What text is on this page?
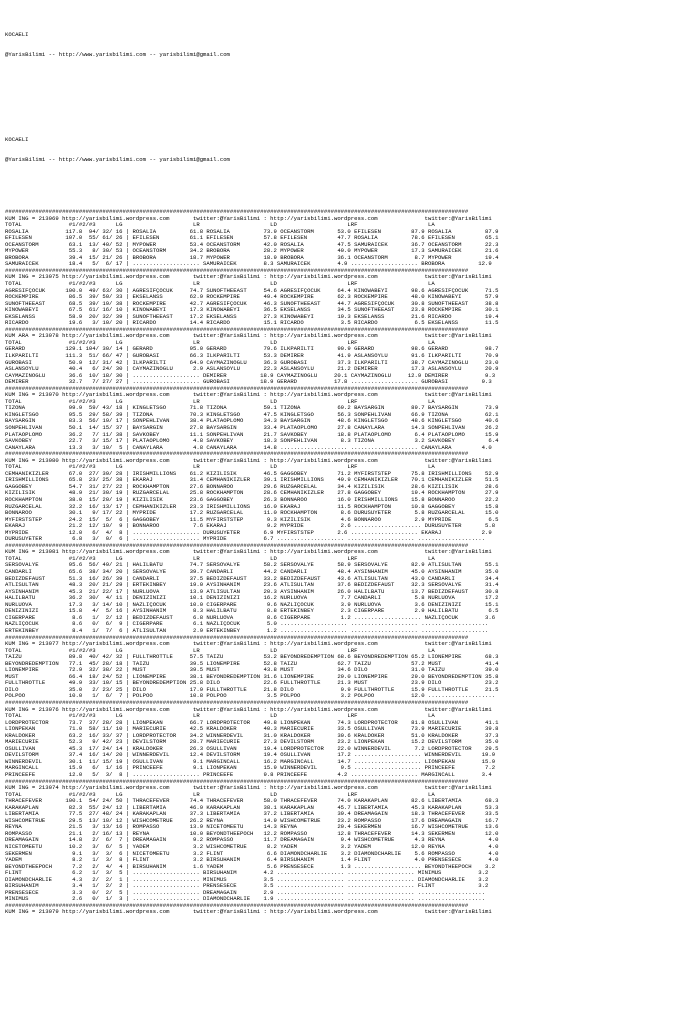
KOCAELI

@YarisBilimi -- http://www.yarisbilimi.com -- yarisbilimi@gmail.com

KOCAELI

@YarisBilimi -- http://www.yarisbilimi.com -- yarisbilimi@gmail.com

##########################################################################################################################################
KUM ING = 213069 http://yarisbilimi.wordpress.com       twitter:@YarisBilimi : http://yarisbilimi.wordpress.com              twitter:@YarisBilimi
TOTAL              #1/#2/#3      LG                     LR                     LD                     LRF                     LA
ROSALIA           117.8  94/ 32/ 16 | ROSALIA          61.8 ROSALIA          73.9 OCEANSTORM       53.0 EFILESEN         87.9 ROSALIA          87.9
EFILESEN          107.0  55/ 61/ 26 | EFILESEN         61.1 EFILESEN         57.8 EFILESEN         47.7 ROSALIA          78.6 EFILESEN         65.1
OCEANSTORM         63.1  13/ 40/ 52 | MYPOWER          53.4 OCEANSTORM       42.0 ROSALIA          47.5 SAMURAICEK       36.7 OCEANSTORM       22.3
MYPOWER            55.3   8/ 30/ 53 | OCEANSTORM       34.2 BROBORA          28.2 MYPOWER          40.0 MYPOWER          17.3 SAMURAICEK       21.6
BROBORA            39.4  15/ 21/ 26 | BROBORA          18.7 MYPOWER          18.9 BROBORA          36.1 OCEANSTORM        8.7 MYPOWER          19.4
SAMURAICEK         18.4   5/  6/ 17 | .................... SAMURAICEK        8.3 SAMURAICEK        4.9 .................... BROBORA          12.9
##########################################################################################################################################
KUM ING = 213075 http://yarisbilimi.wordpress.com       twitter:@YarisBilimi : http://yarisbilimi.wordpress.com              twitter:@YarisBilimi
TOTAL              #1/#2/#3      LG                     LR                     LD                     LRF                     LA
AGRESIFÇOCUK      100.0  49/ 63/ 30 | AGRESIFÇOCUK     74.7 SUNOFTHEEAST     54.6 AGRESIFÇOCUK     64.4 KINOWABEYI       98.6 AGRESIFÇOCUK     71.5
ROCKEMPIRE         86.5  39/ 50/ 33 | EKSELANSS        62.9 ROCKEMPIRE       49.4 ROCKEMPIRE       62.3 ROCKEMPIRE       48.0 KINOWABEYI       57.9
SUNOFTHEEAST       68.5  39/ 19/ 38 | ROCKEMPIRE       42.7 AGRESIFÇOCUK     46.3 SUNOFTHEEAST     44.7 AGRESIFÇOCUK     30.8 SUNOFTHEEAST     38.8
KINOWABEYI         67.5  61/ 16/ 10 | KINOWABEYI       17.3 KINOWABEYI       36.5 EKSELANSS        34.5 SUNOFTHEEAST     23.8 ROCKEMPIRE       30.1
EKSELANSS          58.9  20/ 32/ 39 | SUNOFTHEEAST     17.2 EKSELANSS        27.3 KINOWABEYI       19.3 EKSELANSS        21.6 RICARDO          19.4
RICARDO            19.6   3/ 10/ 20 | RICARDO          14.4 RICARDO          15.1 RICARDO           3.5 RICARDO           6.5 EKSELANSS        11.5
##########################################################################################################################################
KUM ARA = 213078 http://yarisbilimi.wordpress.com       twitter:@YarisBilimi : http://yarisbilimi.wordpress.com              twitter:@YarisBilimi
TOTAL              #1/#2/#3      LG                     LR                     LD                     LRF                     LA
GERARD            129.1 104/ 30/ 14 | GERARD           95.0 GERARD           79.6 ILKPARILTI       90.9 GERARD           98.6 GERARD           98.7
ILKPARILTI        111.3  51/ 66/ 47 | GÜROBASI         66.3 ILKPARILTI       53.3 DEMIRER          41.9 ASLANSOYLU       91.6 ILKPARILTI       70.9
GÜROBASI           50.9  12/ 31/ 42 | ILKPARILTI       64.9 CAYMAZINOGLU     36.3 GÜROBASI         37.3 ILKPARILTI       38.7 CAYMAZINOGLU     23.0
ASLANSOYLU         40.4   6/ 24/ 30 | CAYMAZINOGLU      2.9 ASLANSOYLU       22.3 ASLANSOYLU       21.2 DEMIRER          17.3 ASLANSOYLU       20.9
CAYMAZINOGLU       36.6  10/ 18/ 30 | .................... DEMIRER          18.9 CAYMAZINOGLU     20.1 CAYMAZINOGLU     12.9 DEMIRER           9.3
DEMIRER            32.7   7/ 27/ 27 | .................... GÜROBASI         18.9 GERARD           17.8 .................... GÜROBASI          9.3
##########################################################################################################################################
KUM ING = 213070 http://yarisbilimi.wordpress.com       twitter:@YarisBilimi : http://yarisbilimi.wordpress.com              twitter:@YarisBilimi
TOTAL              #1/#2/#3      LG                     LR                     LD                     LRF                     LA
TIZONA             99.9  59/ 43/ 18 | KINGLETSGO       71.8 TIZONA           59.1 TIZONA           69.2 BAYSARGIN        89.7 BAYSARGIN        73.9
KINGLETSGO         95.5  29/ 58/ 39 | TIZONA           70.3 KINGLETSGO       47.5 KINGLETSGO       56.3 SONPEHLIVAN      66.9 TIZONA           62.1
BAYSARGIN          83.3  56/ 19/ 17 | SONPEHLIVAN      38.4 PLATAOPLOMO      34.3 BAYSARGIN        48.6 KINGLETSGO       48.6 KINGLETSGO       40.6
SONPEHLIVAN        50.1  14/ 15/ 37 | BAYSARGIN        27.8 BAYSARGIN        33.4 PLATAOPLOMO      27.8 CANAYLARA        14.3 SONPEHLIVAN      26.2
PLATAOPLOMO        36.2   7/ 11/ 38 | SAVKOBEY         11.1 SONPEHLIVAN      21.7 SAVKOBEY         18.8 PLATAOPLOMO       6.4 PLATAOPLOMO      15.9
SAVKOBEY           22.7   3/ 15/ 17 | PLATAOPLOMO       4.8 SAVKOBEY         18.3 SONPEHLIVAN       8.3 TIZONA            3.2 SAVKOBEY          6.4
CANAYLARA          13.3   3/ 10/  5 | CANAYLARA         4.8 CANAYLARA        14.8 .................... .................... CANAYLARA         4.0
##########################################################################################################################################
KUM ING = 213080 http://yarisbilimi.wordpress.com       twitter:@YarisBilimi : http://yarisbilimi.wordpress.com              twitter:@YarisBilimi
TOTAL              #1/#2/#3      LG                     LR                     LD                     LRF                     LA
CEMHANIKIZLER      67.0  27/ 39/ 28 | IRISHMILLIONS    61.2 KIZILISIK        46.5 GAGGOBEY         71.2 MYFIRSTSTEP      75.8 IRISHMILLIONS    52.9
IRISHMILLIONS      65.8  23/ 25/ 38 | EKARAJ           31.4 CEMHANIKIZLER    39.1 IRISHMILLIONS    49.9 CEMHANIKIZLER    70.1 CEMHANIKIZLER    51.5
GAGGOBEY           54.7  31/ 27/ 22 | ROCKHAMPTON      27.6 BONNAROO         29.6 RÜZGARCELAL      34.4 KIZILISIK        28.6 KIZILISIK        28.6
KIZILISIK          48.9  21/ 30/ 19 | RÜZGARCELAL      25.8 ROCKHAMPTON      28.6 CEMHANIKIZLER    27.8 GAGGOBEY         19.4 ROCKHAMPTON      27.9
ROCKHAMPTON        38.0  15/ 20/ 19 | KIZILISIK        23.6 GAGGOBEY         26.3 BONNAROO         16.0 IRISHMILLIONS    15.8 BONNAROO         22.2
RÜZGARCELAL        32.2  16/ 13/ 17 | CEMHANIKIZLER    23.3 IRISHMILLIONS    16.0 EKARAJ           11.5 ROCKHAMPTON      10.8 GAGGOBEY         15.8
BONNAROO           30.1   9/ 17/ 22 | MYPRIDE          17.2 RÜZGARCELAL      11.0 ROCKHAMPTON       8.6 DURUSUYETER       5.8 RÜZGARCELAL      15.0
MYFIRSTSTEP        24.2  15/  5/  6 | GAGGOBEY         11.5 MYFIRSTSTEP       9.3 KIZILISIK         4.6 BONNAROO          2.9 MYPRIDE           6.5
EKARAJ             21.2  12/ 10/  9 | BONNAROO          7.6 EKARAJ            9.2 MYPRIDE           2.6 .................... DURUSUYETER       5.8
MYPRIDE            12.0   6/  4/  8 | .................... DURUSUYETER       6.9 MYFIRSTSTEP       2.6 .................... EKARAJ            2.9
DURUSUYETER         6.8   3/  0/  6 | .................... MYPRIDE           6.7 .................... .................... ....................
##########################################################################################################################################
KUM ING = 213081 http://yarisbilimi.wordpress.com       twitter:@YarisBilimi : http://yarisbilimi.wordpress.com              twitter:@YarisBilimi
TOTAL              #1/#2/#3      LG                     LR                     LD                     LRF                     LA
SERSÖVALYE         95.6  56/ 49/ 21 | HALILBATU        74.7 SERSÖVALYE       58.2 SERSÖVALYE       58.9 SERSÖVALYE       82.9 ATLISULTAN       55.1
CANDARLI           65.6  38/ 34/ 20 | SERSÖVALYE       39.7 CANDARLI         44.2 CANDARLI         48.4 AYSINHANIM       45.0 AYSINHANIM       35.0
BEDIZDEFAUST       51.3  16/ 26/ 39 | CANDARLI         37.5 BEDIZDEFAUST     33.2 BEDIZDEFAUST     43.6 ATLISULTAN       43.0 CANDARLI         34.4
ATLISULTAN         48.3  20/ 21/ 29 | ERTEKINBEY       19.0 AYSINHANIM       23.6 ATLISULTAN       37.6 BEDIZDEFAUST     32.3 SERSÖVALYE       31.4
AYSINHANIM         45.3  21/ 22/ 17 | NURLUOVA         13.9 ATLISULTAN       20.3 AYSINHANIM       26.0 HALILBATU        13.7 BEDIZDEFAUST     30.8
HALILBATU          36.2  30/  4/ 11 | DENIZINIZI       10.1 DENIZINIZI       16.2 NURLUOVA          7.7 CANDARLI          5.8 NURLUOVA         17.2
NURLUOVA           17.3   3/ 14/ 10 | NAZLIÇOCUK       10.0 CIGERPARE         9.6 NAZLIÇOCUK        3.9 NURLUOVA          3.6 DENIZINIZI       15.1
DENIZINIZI         15.8   4/  5/ 16 | AYSINHANIM        8.3 HALILBATU         8.8 ERTEKINBEY        2.3 CIGERPARE         2.9 HALILBATU         6.5
CIGERPARE           8.6   1/  2/ 12 | BEDIZDEFAUST      6.8 NURLUOVA          8.6 CIGERPARE         1.2 .................... NAZLIÇOCUK        3.6
NAZLIÇOCUK          8.6   0/  6/  9 | CIGERPARE         6.1 NAZLIÇOCUK        5.0 .................... .................... ....................
ERTEKINBEY          8.4   1/  7/  6 | ATLISULTAN        2.9 ERTEKINBEY        1.2 .................... .................... ....................
##########################################################################################################################################
KUM ING = 213077 http://yarisbilimi.wordpress.com       twitter:@YarisBilimi : http://yarisbilimi.wordpress.com              twitter:@YarisBilimi
TOTAL              #1/#2/#3      LG                     LR                     LD                     LRF                     LA
TAIZU              89.8  40/ 42/ 32 | FULLTHROTTLE     57.5 TAIZU            53.2 BEYONDREDEMPTION 68.6 BEYONDREDEMPTION 65.2 LIONEMPIRE       68.3
BEYONDREDEMPTION   77.1  45/ 28/ 18 | TAIZU            39.5 LIONEMPIRE       52.8 TAIZU            62.7 TAIZU            57.2 MUST             41.4
LIONEMPIRE         72.9  32/ 38/ 22 | MUST             39.5 MUST             43.8 MUST             34.6 DILO             31.0 TAIZU            39.0
MUST               66.4  18/ 24/ 52 | LIONEMPIRE       38.1 BEYONDREDEMPTION 31.6 LIONEMPIRE       29.0 LIONEMPIRE       29.0 BEYONDREDEMPTION 35.8
FULLTHROTTLE       49.9  33/ 10/ 15 | BEYONDREDEMPTION 25.8 DILO             22.6 FULLTHROTTLE     21.3 MUST             23.9 DILO             23.2
DILO               35.0   2/ 23/ 25 | DILO             17.9 FULLTHROTTLE     21.8 DILO              9.9 FULLTHROTTLE     15.9 FULLTHROTTLE     21.5
POLPOO             10.0   1/  6/  7 | POLPOO           10.8 POLPOO            3.5 POLPOO            3.2 POLPOO           12.0 ....................
##########################################################################################################################################
KUM ING = 213076 http://yarisbilimi.wordpress.com       twitter:@YarisBilimi : http://yarisbilimi.wordpress.com              twitter:@YarisBilimi
TOTAL              #1/#2/#3      LG                     LR                     LD                     LRF                     LA
LORDPROTECTOR      73.7  37/ 28/ 28 | LIONPEKAN        66.7 LORDPROTECTOR    49.8 LIONPEKAN        74.3 LORDPROTECTOR    81.8 OSULLIVAN        41.1
LIONPEKAN          71.0  58/ 11/ 10 | MARIECURIE       42.5 KRALDÖKER        40.3 MARIECURIE       33.5 OSULLIVAN        73.9 MARIECURIE       39.8
KRALDÖKER          63.2  16/ 33/ 37 | LORDPROTECTOR    34.2 WINNERDEVIL      31.0 KRALDÖKER        30.6 KRALDÖKER        51.0 KRALDÖKER        37.3
MARIECURIE         52.3   9/ 42/ 23 | DEVILSTORM       28.7 MARIECURIE       27.3 DEVILSTORM       23.2 LIONPEKAN        15.2 DEVILSTORM       35.0
OSULLIVAN          45.3  17/ 24/ 14 | KRALDÖKER        26.3 OSULLIVAN        19.4 LORDPROTECTOR    22.0 WINNERDEVIL       7.2 LORDPROTECTOR    29.5
DEVILSTORM         37.4  16/ 14/ 20 | WINNERDEVIL      12.4 DEVILSTORM       19.4 OSULLIVAN        17.2 .................... WINNERDEVIL      19.9
WINNERDEVIL        30.1  11/ 15/ 19 | OSULLIVAN         9.1 MARGINCALL       16.2 MARGINCALL       14.7 .................... LIONPEKAN        15.9
MARGINCALL         15.9   6/  1/ 16 | PRINCEEFE         9.1 LIONPEKAN        15.9 WINNERDEVIL       9.5 .................... PRINCEEFE         7.2
PRINCEEFE          12.0   5/  3/  8 | .................... PRINCEEFE         9.8 PRINCEEFE         4.2 .................... MARGINCALL        3.4
##########################################################################################################################################
KUM ING = 213074 http://yarisbilimi.wordpress.com       twitter:@YarisBilimi : http://yarisbilimi.wordpress.com              twitter:@YarisBilimi
TOTAL              #1/#2/#3      LG                     LR                     LD                     LRF                     LA
THRACEFEVER       100.1  54/ 24/ 50 | THRACEFEVER      74.4 THRACEFEVER      58.0 THRACEFEVER      74.0 KARAKAPLAN       82.6 LIBERTAMIA       68.3
KARAKAPLAN         82.3  55/ 24/ 12 | LIBERTAMIA       46.9 KARAKAPLAN       38.1 KARAKAPLAN       45.7 LIBERTAMIA       45.3 KARAKAPLAN       53.3
LIBERTAMIA         77.5  27/ 48/ 24 | KARAKAPLAN       37.3 LIBERTAMIA       37.2 LIBERTAMIA       39.4 DREAMAGAIN       18.3 THRACEFEVER      33.5
WISHCOMETRUE       29.5  13/ 10/ 12 | WISHCOMETRUE     26.2 REYNA            14.9 WISHCOMETRUE     23.2 ROMPASSO         17.6 DREAMAGAIN       16.7
REYNA              21.5   3/ 13/ 16 | ROMPASSO         13.9 NICETOMEETU      14.3 REYNA            20.4 SEKERMEN         16.7 WISHCOMETRUE     13.6
ROMPASSO           21.1   2/ 16/ 13 | REYNA            10.0 BEYONDTHEEPOCH   12.2 ROMPASSO         12.8 THRACEFEVER      14.3 SEKERMEN         12.0
DREAMAGAIN         14.8   2/  6/  7 | DREAMAGAIN        9.2 ROMPASSO         11.7 DREAMAGAIN        9.4 WISHCOMETRUE      4.3 REYNA             4.0
NICETOMEETU        10.2   3/  6/  5 | YADEM             3.2 WISHCOMETRUE      8.2 YADEM             3.2 YADEM            12.0 REYNA             4.0
SEKERMEN            9.1   3/  3/  6 | NICETOMEETU       3.2 FLINT             6.6 DIAMONDCHARLIE    3.2 DIAMONDCHARLIE    5.6 ROMPASSO          4.0
YADEM               8.2   1/  3/  8 | FLINT             3.2 BIRSUHANIM        6.4 BIRSUHANIM        1.4 FLINT             4.0 PRENSESECE        4.0
BEYONDTHEEPOCH      7.2   2/  4/  4 | BIRSUHANIM        1.6 YADEM             5.6 PRENSESECE        1.3 .................... BEYONDTHEEPOCH    3.2
FLINT               6.2   1/  3/  5 | .................... BIRSUHANIM        4.2 .................... .................... MINIMUS           3.2
DIAMONDCHARLIE      4.3   2/  2/  1 | .................... MINIMUS           3.5 .................... .................... DIAMONDCHARLIE    3.2
BIRSUHANIM          3.4   1/  2/  2 | .................... PRENSESECE        3.5 .................... .................... FLINT             3.2
PRENSESECE          3.3   0/  2/  5 | .................... DREAMAGAIN        2.9 .................... .................... ....................
MINIMUS             2.6   0/  1/  3 | .................... DIAMONDCHARLIE    1.9 .................... .................... ....................
##########################################################################################################################################
KUM ING = 213079 http://yarisbilimi.wordpress.com       twitter:@YarisBilimi : http://yarisbilimi.wordpress.com              twitter:@YarisBilimi
